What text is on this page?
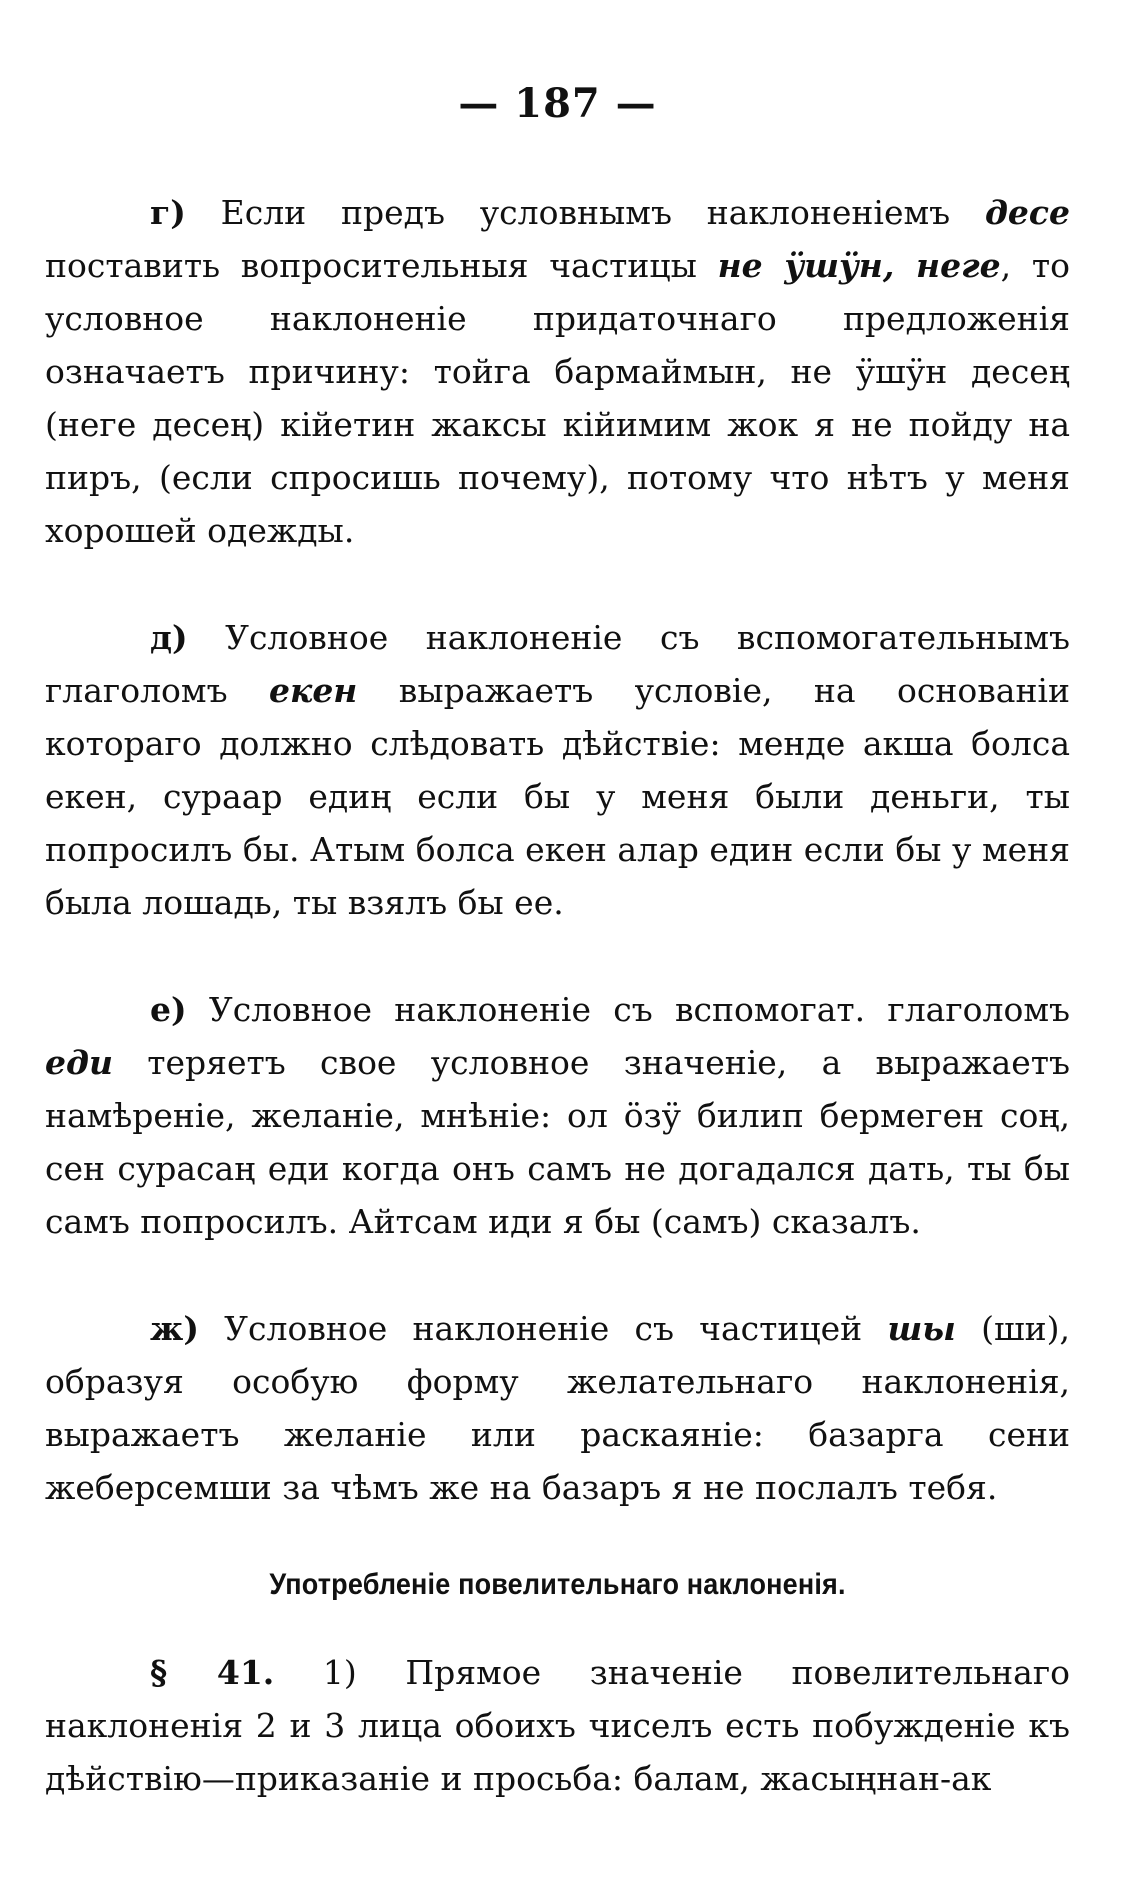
— 187 —

г) Если предъ условнымъ наклоненіемъ десе поставить вопросительныя частицы не ӱшӱн, неге, то условное наклоненіе придаточнаго предложенія означаетъ причину: тойга бармаймын, не ӱшӱн десең (неге десең) кійетин жаксы кійимим жок я не пойду на пиръ, (если спросишь почему), потому что нѣтъ у меня хорошей одежды.

д) Условное наклоненіе съ вспомогательнымъ глаголомъ екен выражаетъ условіе, на основаніи котораго должно слѣдовать дѣйствіе: менде акша болса екен, сураар едиң если бы у меня были деньги, ты попросилъ бы. Атым болса екен алар един если бы у меня была лошадь, ты взялъ бы ее.

е) Условное наклоненіе съ вспомогат. глаголомъ еди теряетъ свое условное значеніе, а выражаетъ намѣреніе, желаніе, мнѣніе: ол ӧзӱ билип бермеген соң, сен сурасаң еди когда онъ самъ не догадался дать, ты бы самъ попросилъ. Айтсам иди я бы (самъ) сказалъ.

ж) Условное наклоненіе съ частицей шы (ши), образуя особую форму желательнаго наклоненія, выражаетъ желаніе или раскаяніе: базарга сени жеберсемши за чѣмъ же на базаръ я не послалъ тебя.

Употребленіе повелительнаго наклоненія.

§ 41. 1) Прямое значеніе повелительнаго наклоненія 2 и 3 лица обоихъ чиселъ есть побужденіе къ дѣйствію—приказаніе и просьба: балам, жасыңнан-ак
